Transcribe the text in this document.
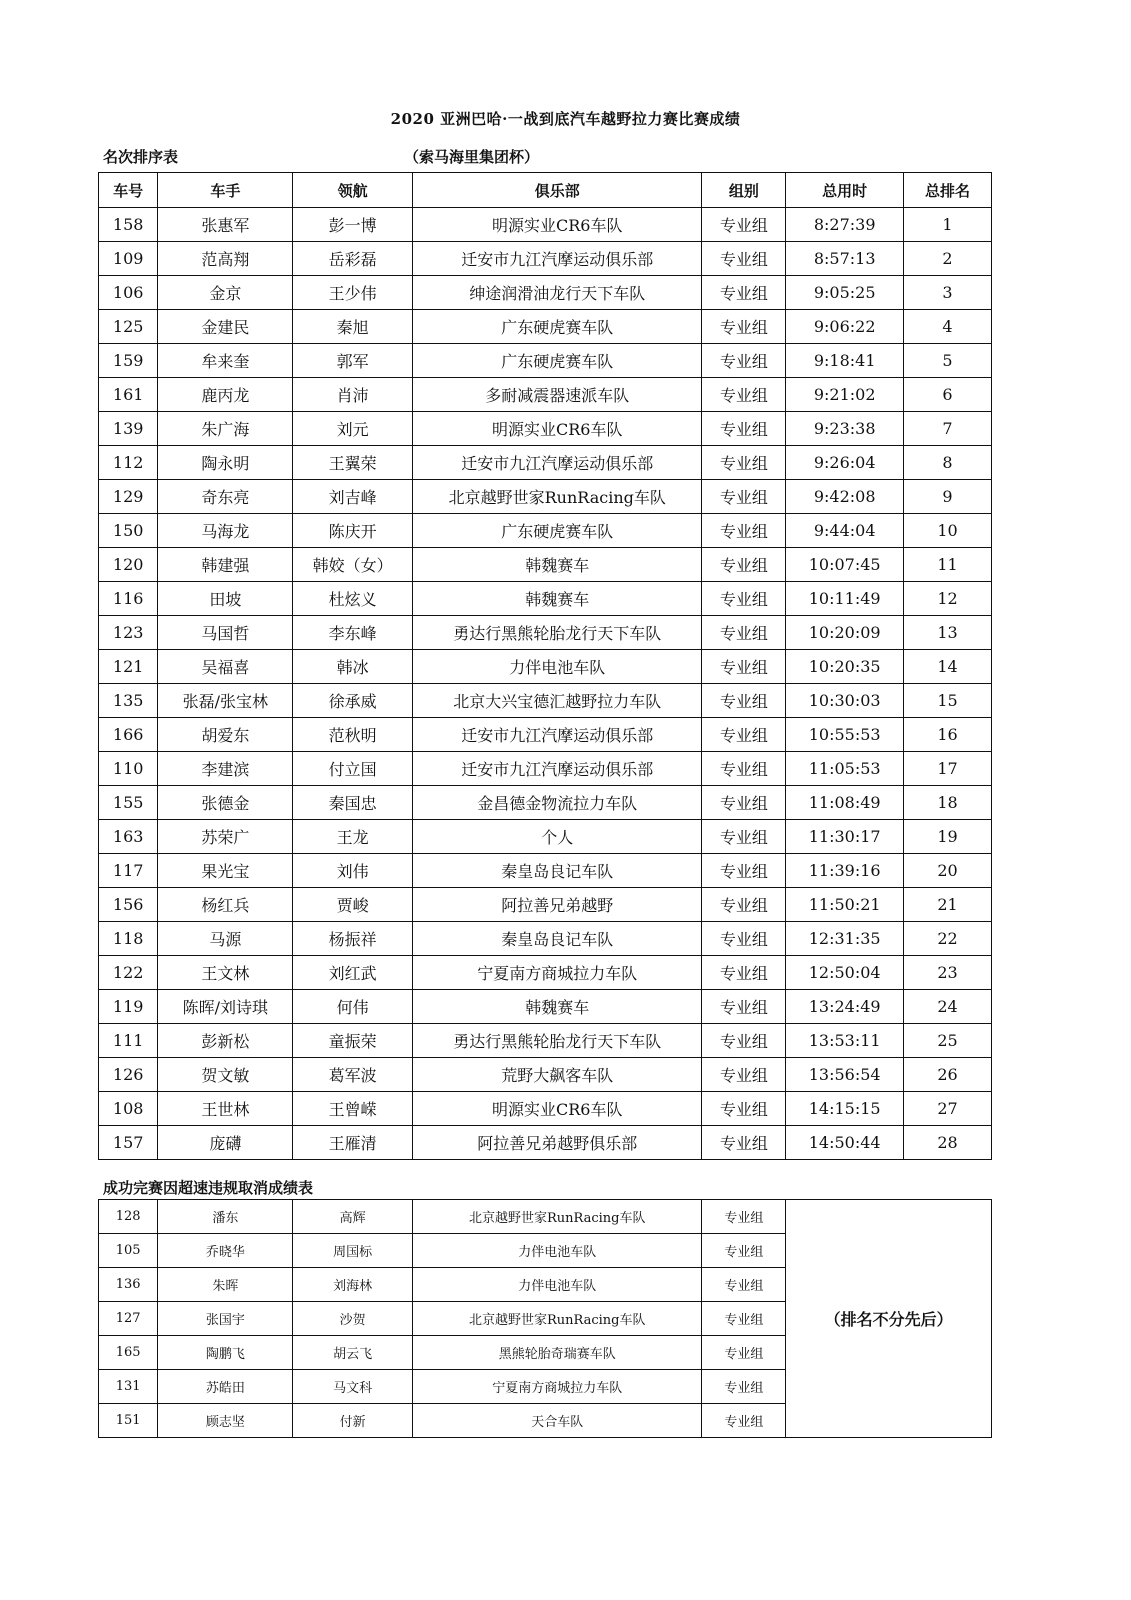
2020 亚洲巴哈·一战到底汽车越野拉力赛比赛成绩
名次排序表	（索马海里集团杯）
车号	车手	领航	俱乐部	组别	总用时	总排名
158	张惠军	彭一博	明源实业CR6车队	专业组	8:27:39	1
109	范高翔	岳彩磊	迁安市九江汽摩运动俱乐部	专业组	8:57:13	2
106	金京	王少伟	绅途润滑油龙行天下车队	专业组	9:05:25	3
125	金建民	秦旭	广东硬虎赛车队	专业组	9:06:22	4
159	牟来奎	郭军	广东硬虎赛车队	专业组	9:18:41	5
161	鹿丙龙	肖沛	多耐减震器速派车队	专业组	9:21:02	6
139	朱广海	刘元	明源实业CR6车队	专业组	9:23:38	7
112	陶永明	王翼荣	迁安市九江汽摩运动俱乐部	专业组	9:26:04	8
129	奇东亮	刘吉峰	北京越野世家RunRacing车队	专业组	9:42:08	9
150	马海龙	陈庆开	广东硬虎赛车队	专业组	9:44:04	10
120	韩建强	韩姣（女）	韩魏赛车	专业组	10:07:45	11
116	田坡	杜炫义	韩魏赛车	专业组	10:11:49	12
123	马国哲	李东峰	勇达行黑熊轮胎龙行天下车队	专业组	10:20:09	13
121	吴福喜	韩冰	力伴电池车队	专业组	10:20:35	14
135	张磊/张宝林	徐承威	北京大兴宝德汇越野拉力车队	专业组	10:30:03	15
166	胡爱东	范秋明	迁安市九江汽摩运动俱乐部	专业组	10:55:53	16
110	李建滨	付立国	迁安市九江汽摩运动俱乐部	专业组	11:05:53	17
155	张德金	秦国忠	金昌德金物流拉力车队	专业组	11:08:49	18
163	苏荣广	王龙	个人	专业组	11:30:17	19
117	果光宝	刘伟	秦皇岛良记车队	专业组	11:39:16	20
156	杨红兵	贾峻	阿拉善兄弟越野	专业组	11:50:21	21
118	马源	杨振祥	秦皇岛良记车队	专业组	12:31:35	22
122	王文林	刘红武	宁夏南方商城拉力车队	专业组	12:50:04	23
119	陈晖/刘诗琪	何伟	韩魏赛车	专业组	13:24:49	24
111	彭新松	童振荣	勇达行黑熊轮胎龙行天下车队	专业组	13:53:11	25
126	贺文敏	葛军波	荒野大飙客车队	专业组	13:56:54	26
108	王世林	王曾嵘	明源实业CR6车队	专业组	14:15:15	27
157	庞礴	王雁清	阿拉善兄弟越野俱乐部	专业组	14:50:44	28
成功完赛因超速违规取消成绩表
128	潘东	高辉	北京越野世家RunRacing车队	专业组	（排名不分先后）
105	乔晓华	周国标	力伴电池车队	专业组	
136	朱晖	刘海林	力伴电池车队	专业组	
127	张国宇	沙贺	北京越野世家RunRacing车队	专业组	
165	陶鹏飞	胡云飞	黑熊轮胎奇瑞赛车队	专业组	
131	苏皓田	马文科	宁夏南方商城拉力车队	专业组	
151	顾志坚	付新	天合车队	专业组	
